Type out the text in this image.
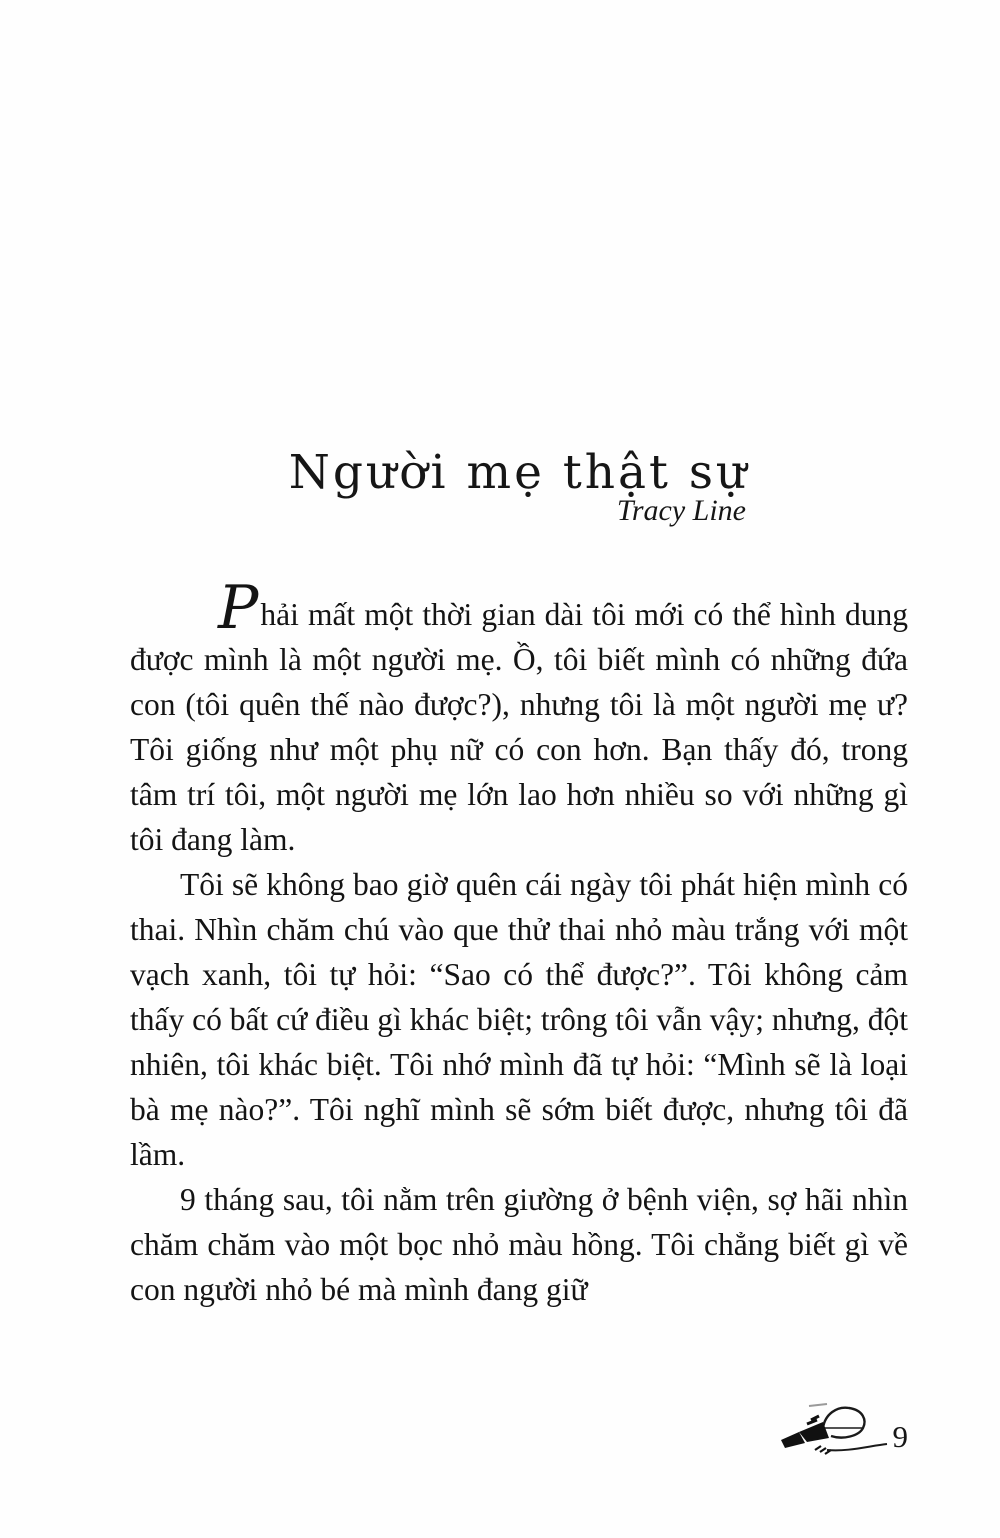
Người mẹ thật sự
Tracy Line

Phải mất một thời gian dài tôi mới có thể hình dung được mình là một người mẹ. Ồ, tôi biết mình có những đứa con (tôi quên thế nào được?), nhưng tôi là một người mẹ ư? Tôi giống như một phụ nữ có con hơn. Bạn thấy đó, trong tâm trí tôi, một người mẹ lớn lao hơn nhiều so với những gì tôi đang làm.

Tôi sẽ không bao giờ quên cái ngày tôi phát hiện mình có thai. Nhìn chăm chú vào que thử thai nhỏ màu trắng với một vạch xanh, tôi tự hỏi: “Sao có thể được?”. Tôi không cảm thấy có bất cứ điều gì khác biệt; trông tôi vẫn vậy; nhưng, đột nhiên, tôi khác biệt. Tôi nhớ mình đã tự hỏi: “Mình sẽ là loại bà mẹ nào?”. Tôi nghĩ mình sẽ sớm biết được, nhưng tôi đã lầm.

9 tháng sau, tôi nằm trên giường ở bệnh viện, sợ hãi nhìn chăm chăm vào một bọc nhỏ màu hồng. Tôi chẳng biết gì về con người nhỏ bé mà mình đang giữ

9
